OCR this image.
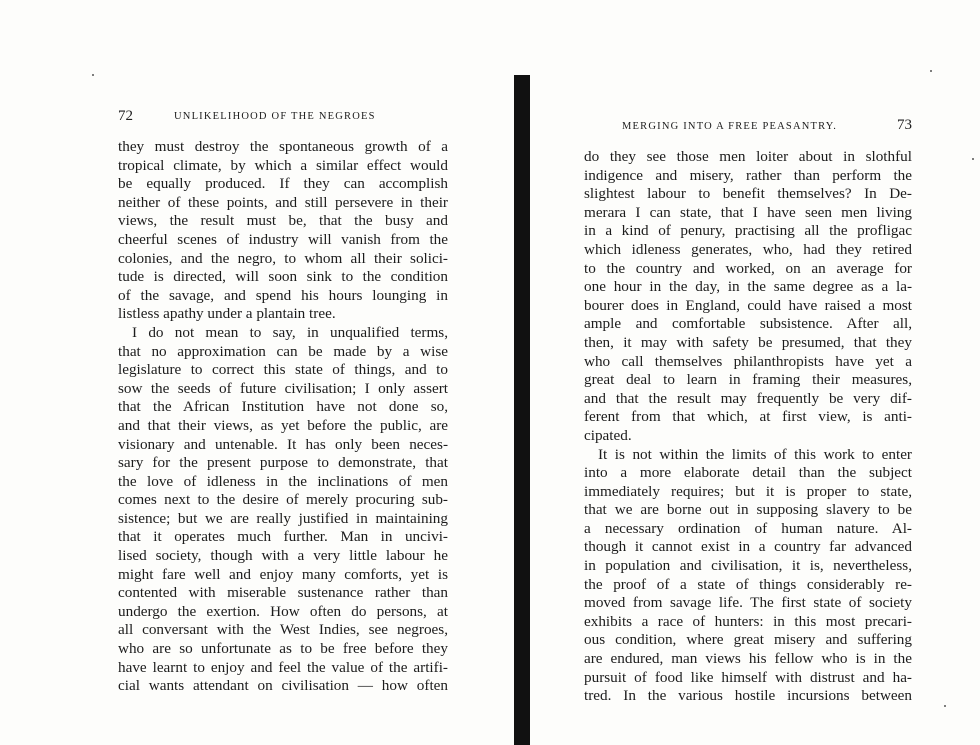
72	UNLIKELIHOOD OF THE NEGROES
they must destroy the spontaneous growth of a
tropical climate, by which a similar effect would
be equally produced. If they can accomplish
neither of these points, and still persevere in their
views, the result must be, that the busy and
cheerful scenes of industry will vanish from the
colonies, and the negro, to whom all their solici-
tude is directed, will soon sink to the condition
of the savage, and spend his hours lounging in
listless apathy under a plantain tree.
I do not mean to say, in unqualified terms,
that no approximation can be made by a wise
legislature to correct this state of things, and to
sow the seeds of future civilisation; I only assert
that the African Institution have not done so,
and that their views, as yet before the public, are
visionary and untenable. It has only been neces-
sary for the present purpose to demonstrate, that
the love of idleness in the inclinations of men
comes next to the desire of merely procuring sub-
sistence; but we are really justified in maintaining
that it operates much further. Man in uncivi-
lised society, though with a very little labour he
might fare well and enjoy many comforts, yet is
contented with miserable sustenance rather than
undergo the exertion. How often do persons, at
all conversant with the West Indies, see negroes,
who are so unfortunate as to be free before they
have learnt to enjoy and feel the value of the artifi-
cial wants attendant on civilisation — how often
MERGING INTO A FREE PEASANTRY.	73
do they see those men loiter about in slothful
indigence and misery, rather than perform the
slightest labour to benefit themselves? In De-
merara I can state, that I have seen men living
in a kind of penury, practising all the profligac
which idleness generates, who, had they retired
to the country and worked, on an average for
one hour in the day, in the same degree as a la-
bourer does in England, could have raised a most
ample and comfortable subsistence. After all,
then, it may with safety be presumed, that they
who call themselves philanthropists have yet a
great deal to learn in framing their measures,
and that the result may frequently be very dif-
ferent from that which, at first view, is anti-
cipated.
It is not within the limits of this work to enter
into a more elaborate detail than the subject
immediately requires; but it is proper to state,
that we are borne out in supposing slavery to be
a necessary ordination of human nature. Al-
though it cannot exist in a country far advanced
in population and civilisation, it is, nevertheless,
the proof of a state of things considerably re-
moved from savage life. The first state of society
exhibits a race of hunters: in this most precari-
ous condition, where great misery and suffering
are endured, man views his fellow who is in the
pursuit of food like himself with distrust and ha-
tred. In the various hostile incursions between
